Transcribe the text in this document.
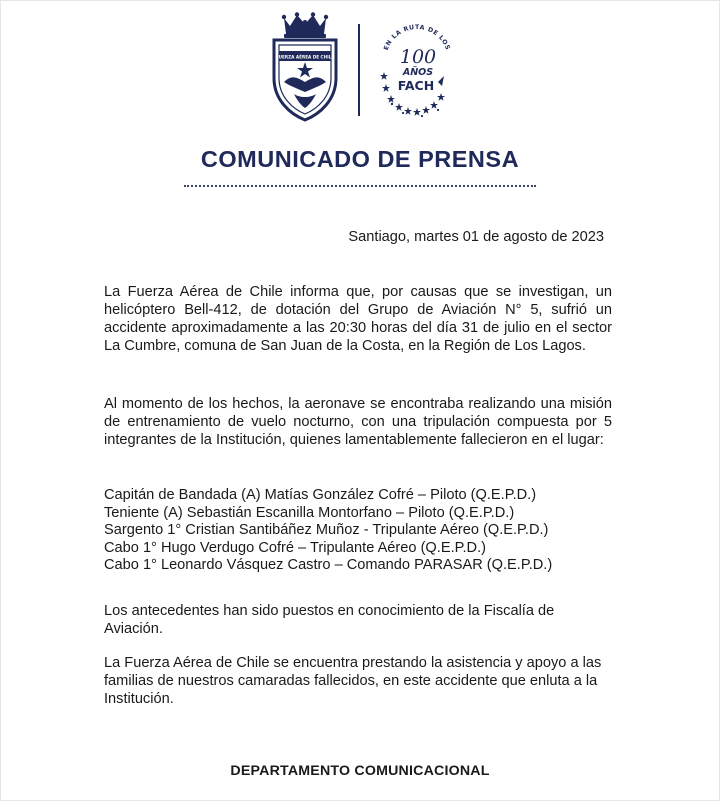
FUERZA AÉREA DE CHILE
EN LA RUTA DE LOS
100
AÑOS
FACH
COMUNICADO DE PRENSA
Santiago, martes 01 de agosto de 2023
La Fuerza Aérea de Chile informa que, por causas que se investigan, un helicóptero Bell-412, de dotación del Grupo de Aviación N° 5, sufrió un accidente aproximadamente a las 20:30 horas del día 31 de julio en el sector La Cumbre, comuna de San Juan de la Costa, en la Región de Los Lagos.
Al momento de los hechos, la aeronave se encontraba realizando una misión de entrenamiento de vuelo nocturno, con una tripulación compuesta por 5 integrantes de la Institución, quienes lamentablemente fallecieron en el lugar:
Capitán de Bandada (A) Matías González Cofré – Piloto (Q.E.P.D.)
Teniente (A) Sebastián Escanilla Montorfano – Piloto (Q.E.P.D.)
Sargento 1° Cristian Santibáñez Muñoz - Tripulante Aéreo (Q.E.P.D.)
Cabo 1° Hugo Verdugo Cofré – Tripulante Aéreo (Q.E.P.D.)
Cabo 1° Leonardo Vásquez Castro – Comando PARASAR (Q.E.P.D.)
Los antecedentes han sido puestos en conocimiento de la Fiscalía de Aviación.
La Fuerza Aérea de Chile se encuentra prestando la asistencia y apoyo a las familias de nuestros camaradas fallecidos, en este accidente que enluta a la Institución.
DEPARTAMENTO COMUNICACIONAL
